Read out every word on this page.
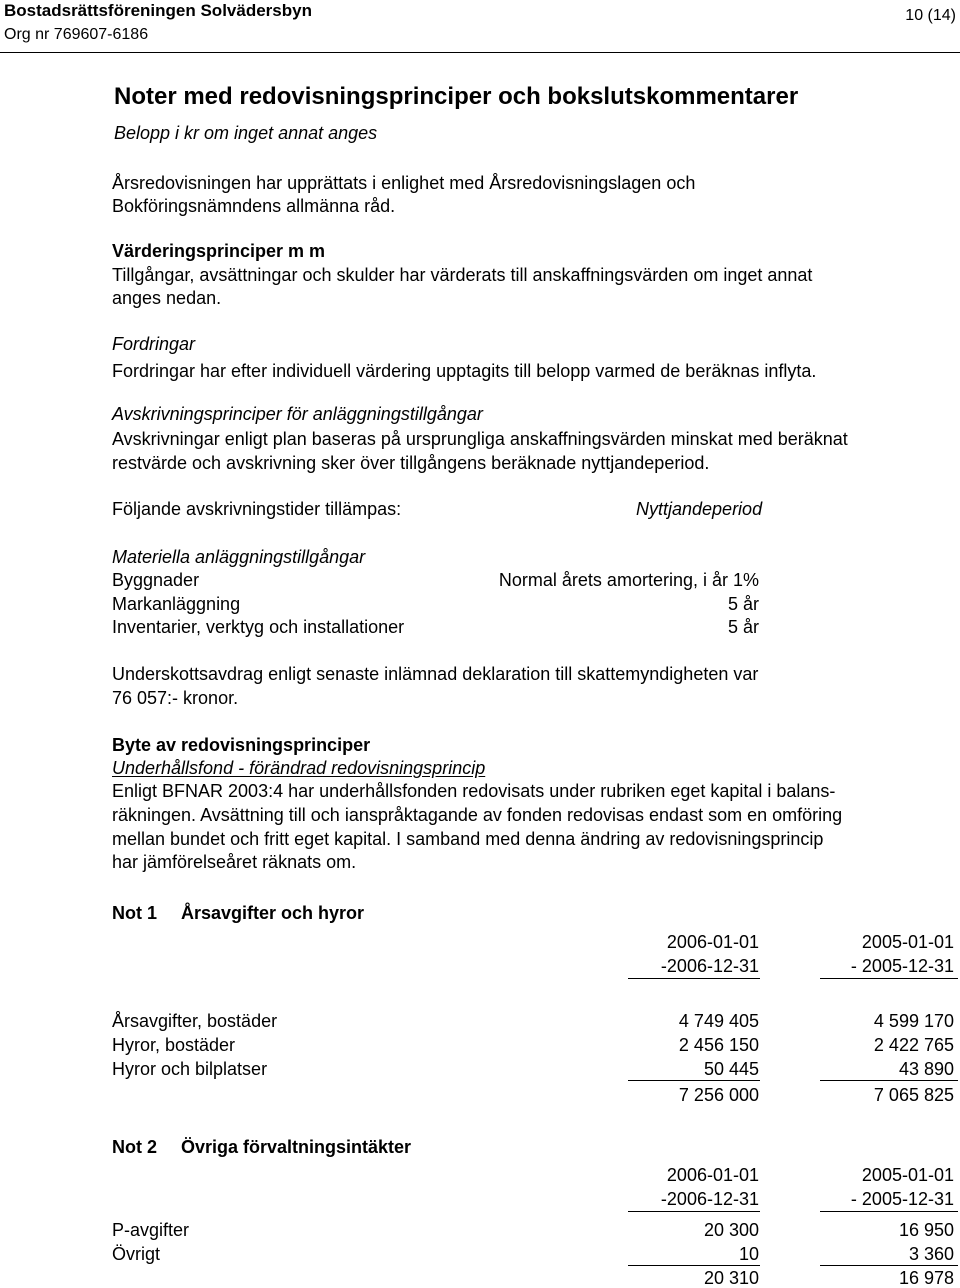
Bostadsrättsföreningen Solvädersbyn
Org nr 769607-6186
10 (14)
Noter med redovisningsprinciper och bokslutskommentarer
Belopp i kr om inget annat anges
Årsredovisningen har upprättats i enlighet med Årsredovisningslagen och
Bokföringsnämndens allmänna råd.
Värderingsprinciper m m
Tillgångar, avsättningar och skulder har värderats till anskaffningsvärden om inget annat
anges nedan.
Fordringar
Fordringar har efter individuell värdering upptagits till belopp varmed de beräknas inflyta.
Avskrivningsprinciper för anläggningstillgångar
Avskrivningar enligt plan baseras på ursprungliga anskaffningsvärden minskat med beräknat
restvärde och avskrivning sker över tillgångens beräknade nyttjandeperiod.
Följande avskrivningstider tillämpas:	Nyttjandeperiod
Materiella anläggningstillgångar
Byggnader	Normal årets amortering, i år 1%
Markanläggning	5 år
Inventarier, verktyg och installationer	5 år
Underskottsavdrag enligt senaste inlämnad deklaration till skattemyndigheten var
76 057:- kronor.
Byte av redovisningsprinciper
Underhållsfond - förändrad redovisningsprincip
Enligt BFNAR 2003:4 har underhållsfonden redovisats under rubriken eget kapital i balans-
räkningen. Avsättning till och ianspråktagande av fonden redovisas endast som en omföring
mellan bundet och fritt eget kapital. I samband med denna ändring av redovisningsprincip
har jämförelseåret räknats om.
Not 1 Årsavgifter och hyror
2006-01-01	2005-01-01
-2006-12-31	- 2005-12-31
Årsavgifter, bostäder	4 749 405	4 599 170
Hyror, bostäder	2 456 150	2 422 765
Hyror och bilplatser	50 445	43 890
7 256 000	7 065 825
Not 2 Övriga förvaltningsintäkter
2006-01-01	2005-01-01
-2006-12-31	- 2005-12-31
P-avgifter	20 300	16 950
Övrigt	10	3 360
20 310	16 978
